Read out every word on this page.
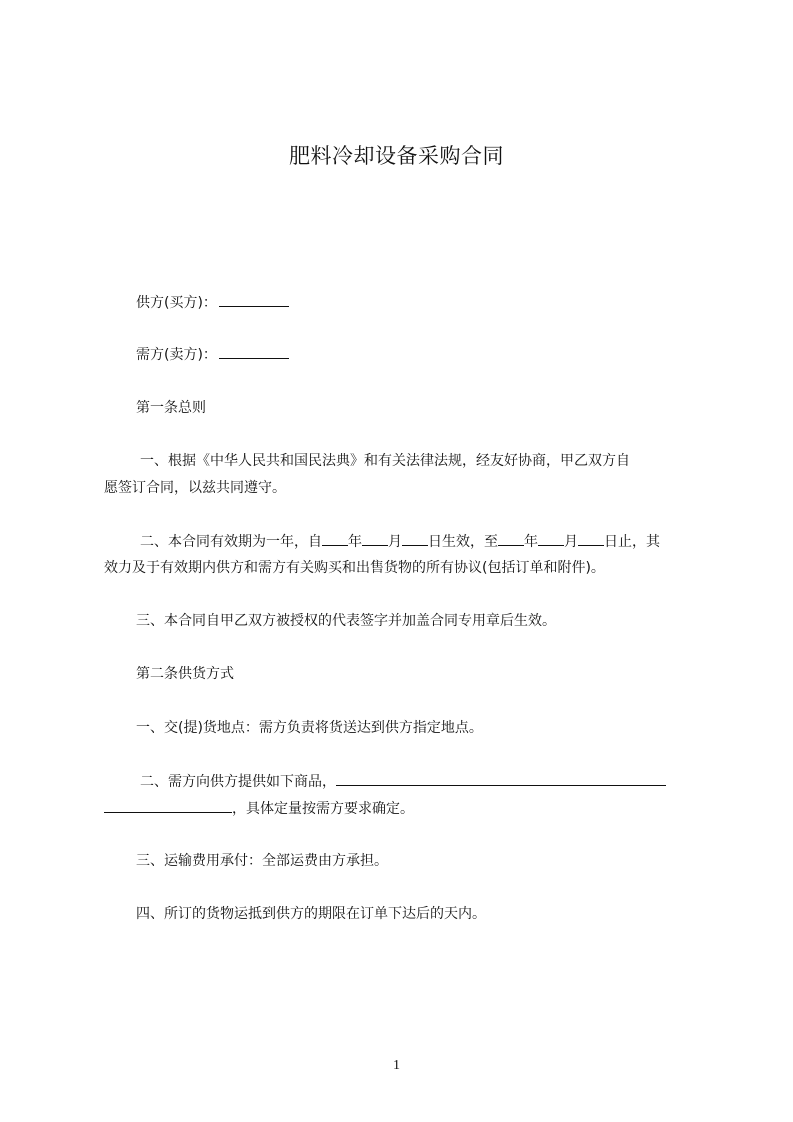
肥料冷却设备采购合同
供方(买方)：
需方(卖方)：
第一条总则
一、根据《中华人民共和国民法典》和有关法律法规，经友好协商，甲乙双方自
愿签订合同，以兹共同遵守。
二、本合同有效期为一年，自 年 月 日生效，至 年 月 日止，其
效力及于有效期内供方和需方有关购买和出售货物的所有协议(包括订单和附件)。
三、本合同自甲乙双方被授权的代表签字并加盖合同专用章后生效。
第二条供货方式
一、交(提)货地点：需方负责将货送达到供方指定地点。
二、需方向供方提供如下商品，
，具体定量按需方要求确定。
三、运输费用承付：全部运费由方承担。
四、所订的货物运抵到供方的期限在订单下达后的天内。
1
